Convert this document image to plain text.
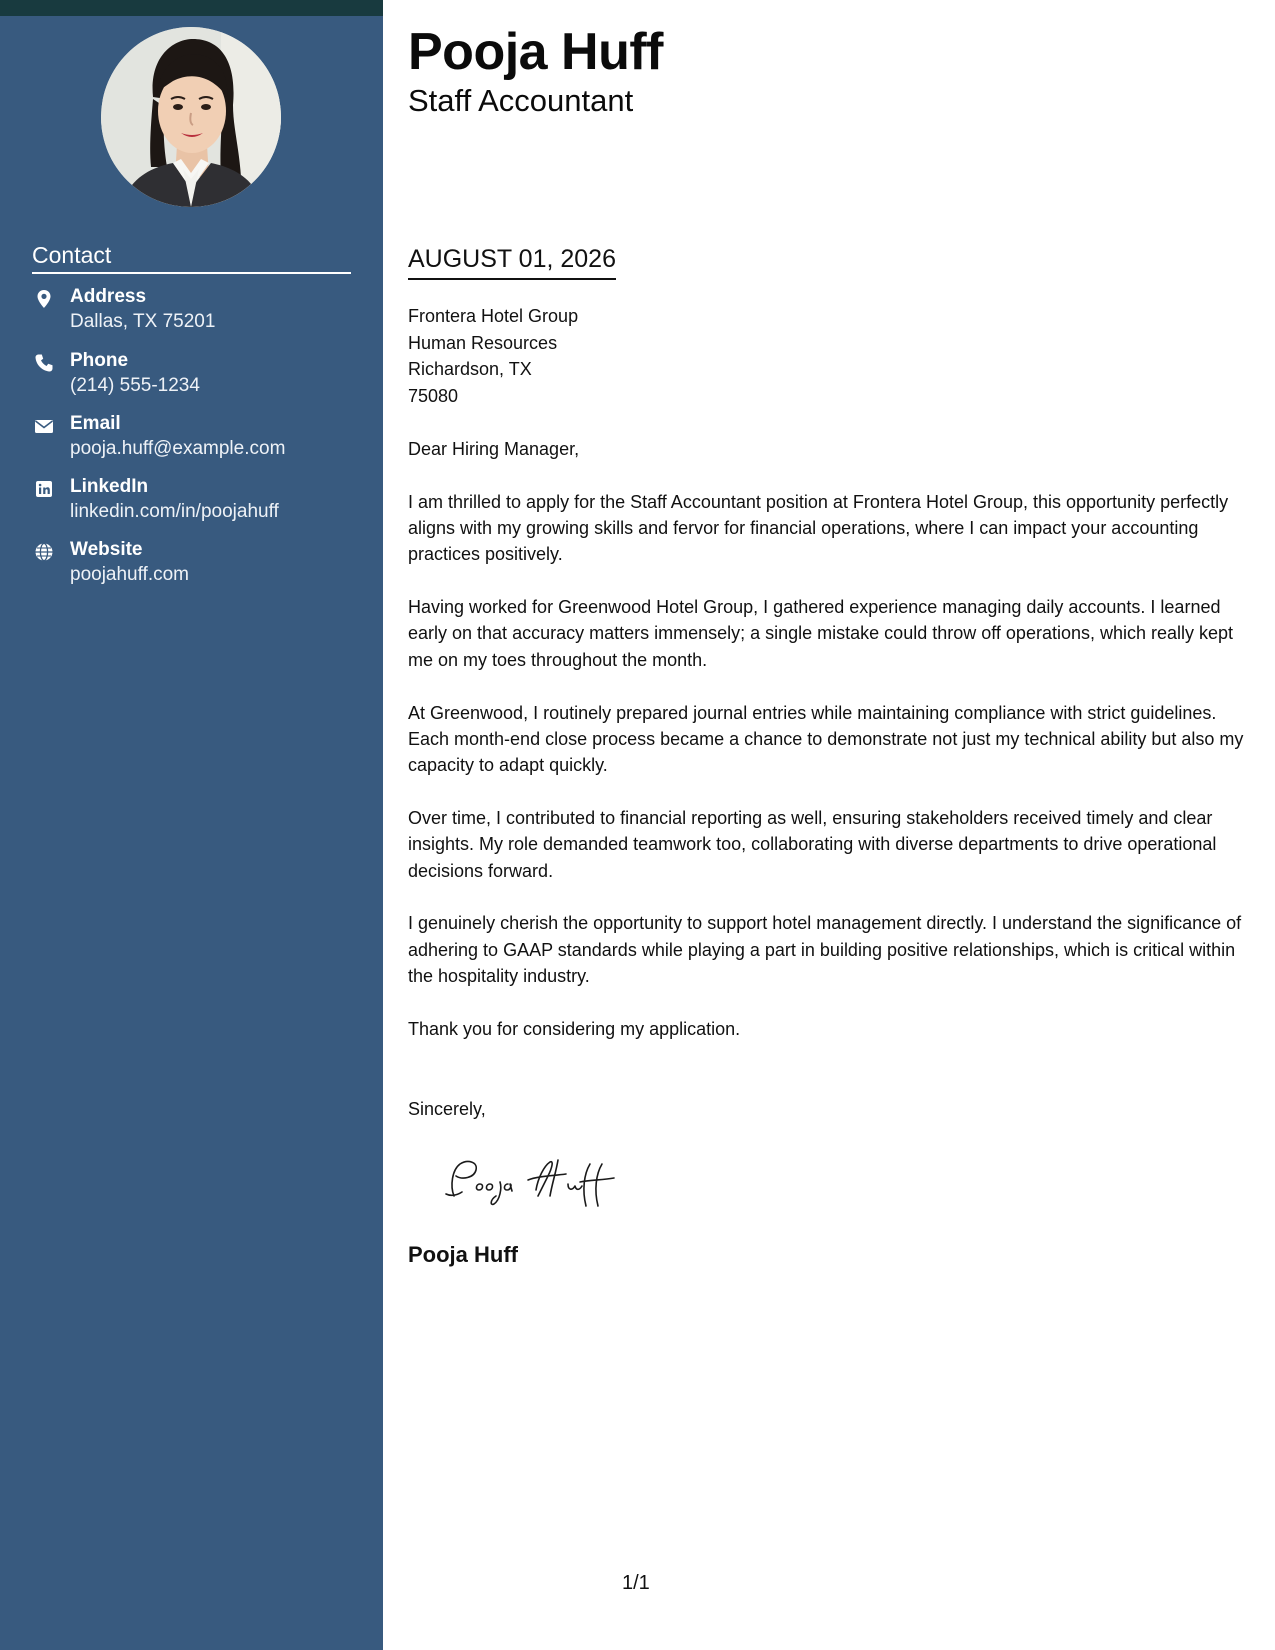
Contact
Address
Dallas, TX 75201
Phone
(214) 555-1234
Email
pooja.huff@example.com
LinkedIn
linkedin.com/in/poojahuff
Website
poojahuff.com
Pooja Huff
Staff Accountant
AUGUST 01, 2026
Frontera Hotel Group
Human Resources
Richardson, TX
75080

Dear Hiring Manager,

I am thrilled to apply for the Staff Accountant position at Frontera Hotel Group, this opportunity perfectly aligns with my growing skills and fervor for financial operations, where I can impact your accounting practices positively.

Having worked for Greenwood Hotel Group, I gathered experience managing daily accounts. I learned early on that accuracy matters immensely; a single mistake could throw off operations, which really kept me on my toes throughout the month.

At Greenwood, I routinely prepared journal entries while maintaining compliance with strict guidelines. Each month-end close process became a chance to demonstrate not just my technical ability but also my capacity to adapt quickly.

Over time, I contributed to financial reporting as well, ensuring stakeholders received timely and clear insights. My role demanded teamwork too, collaborating with diverse departments to drive operational decisions forward.

I genuinely cherish the opportunity to support hotel management directly. I understand the significance of adhering to GAAP standards while playing a part in building positive relationships, which is critical within the hospitality industry.

Thank you for considering my application.

Sincerely,
Pooja Huff
1/1
